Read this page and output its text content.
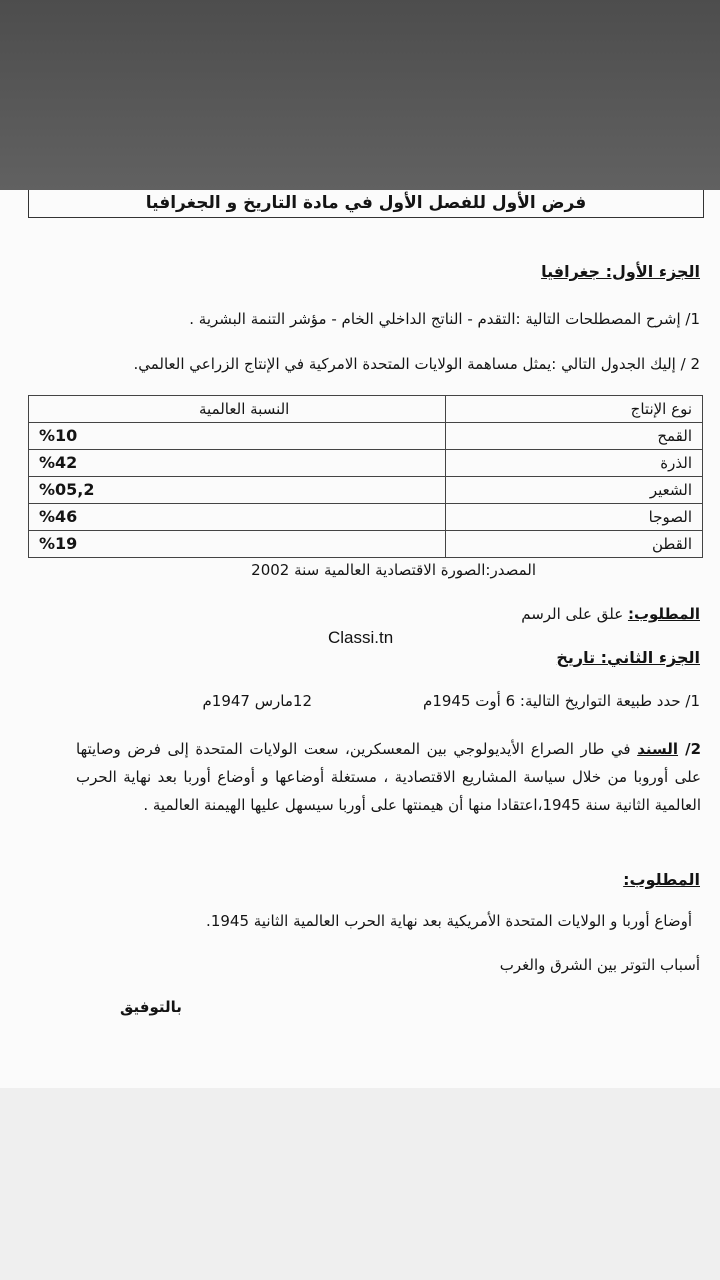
فرض الأول للفصل الأول في مادة التاريخ و الجغرافيا
الجزء الأول: جغرافيا
1/ إشرح المصطلحات التالية :التقدم - الناتج الداخلي الخام - مؤشر التنمة البشرية .
2 / إليك الجدول التالي :يمثل مساهمة الولايات المتحدة الامركية في الإنتاج الزراعي العالمي.
نوع الإنتاج	النسبة العالمية
القمح	%10
الذرة	%42
الشعير	%05,2
الصوجا	%46
القطن	%19
المصدر:الصورة الاقتصادية العالمية سنة 2002
المطلوب: علق على الرسم
Classi.tn
الجزء الثاني: تاريخ
1/ حدد طبيعة التواريخ التالية: 6 أوت 1945م
12مارس 1947م
2/ السند في طار الصراع الأيديولوجي بين المعسكرين، سعت الولايات المتحدة إلى فرض وصايتها على أوروبا من خلال سياسة المشاريع الاقتصادية ، مستغلة أوضاعها و أوضاع أوربا بعد نهاية الحرب العالمية الثانية سنة 1945،اعتقادا منها أن هيمنتها على أوربا سيسهل عليها الهيمنة العالمية .
المطلوب:
أوضاع أوربا و الولايات المتحدة الأمريكية بعد نهاية الحرب العالمية الثانية 1945.
أسباب التوتر بين الشرق والغرب
بالتوفيق
